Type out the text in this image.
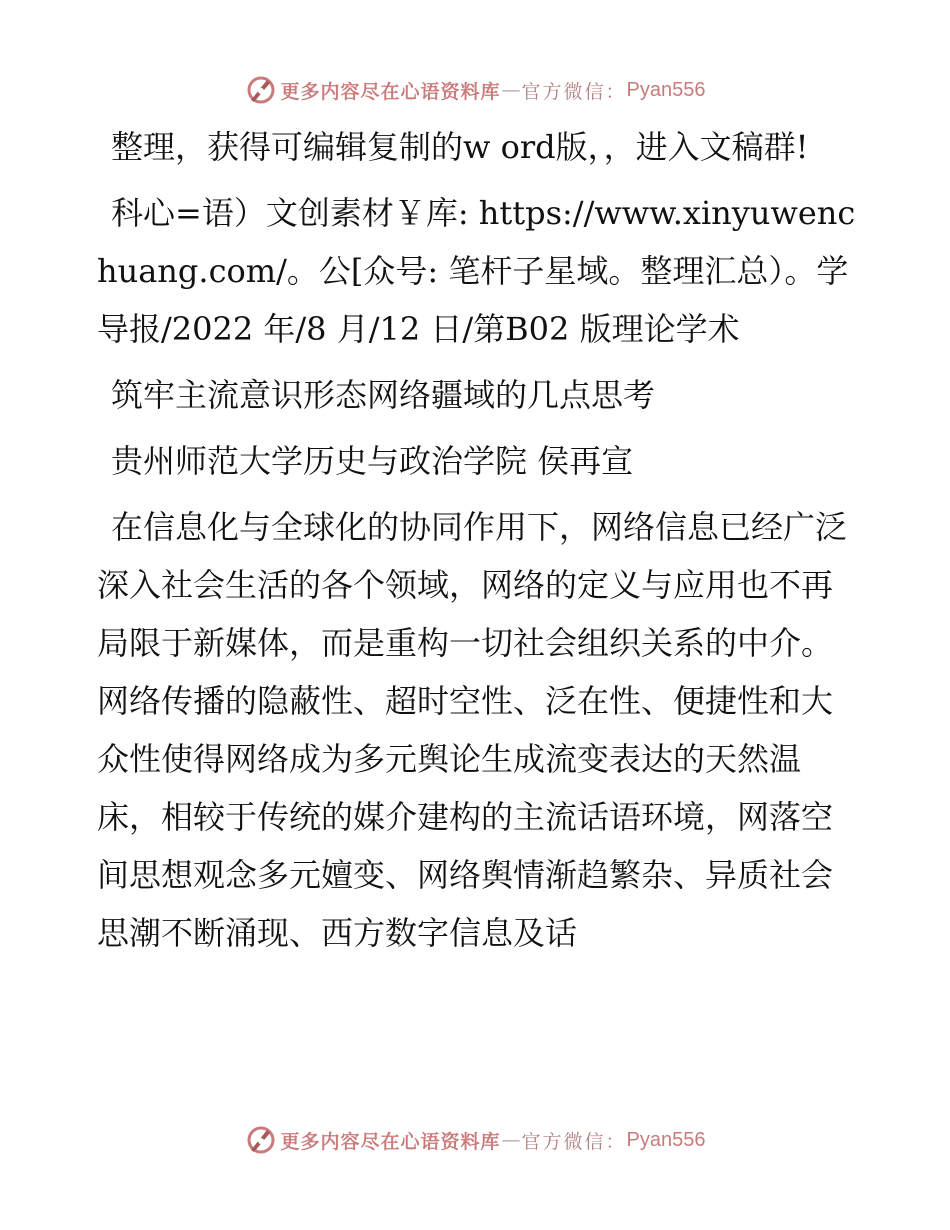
更多内容尽在心语资料库 — 官方微信： Pyan556

整理，获得可编辑复制的w ord版，，进入文稿群!

科心=语）文创素材￥库: https://www.xinyuwenchuang.com/。公[众号: 笔杆子星域。整理汇总）。学导报/2022 年/8 月/12 日/第B02 版理论学术

筑牢主流意识形态网络疆域的几点思考

贵州师范大学历史与政治学院 侯再宣

在信息化与全球化的协同作用下，网络信息已经广泛深入社会生活的各个领域，网络的定义与应用也不再局限于新媒体，而是重构一切社会组织关系的中介。网络传播的隐蔽性、超时空性、泛在性、便捷性和大众性使得网络成为多元舆论生成流变表达的天然温床，相较于传统的媒介建构的主流话语环境，网落空间思想观念多元嬗变、网络舆情渐趋繁杂、异质社会思潮不断涌现、西方数字信息及话

更多内容尽在心语资料库 — 官方微信： Pyan556
